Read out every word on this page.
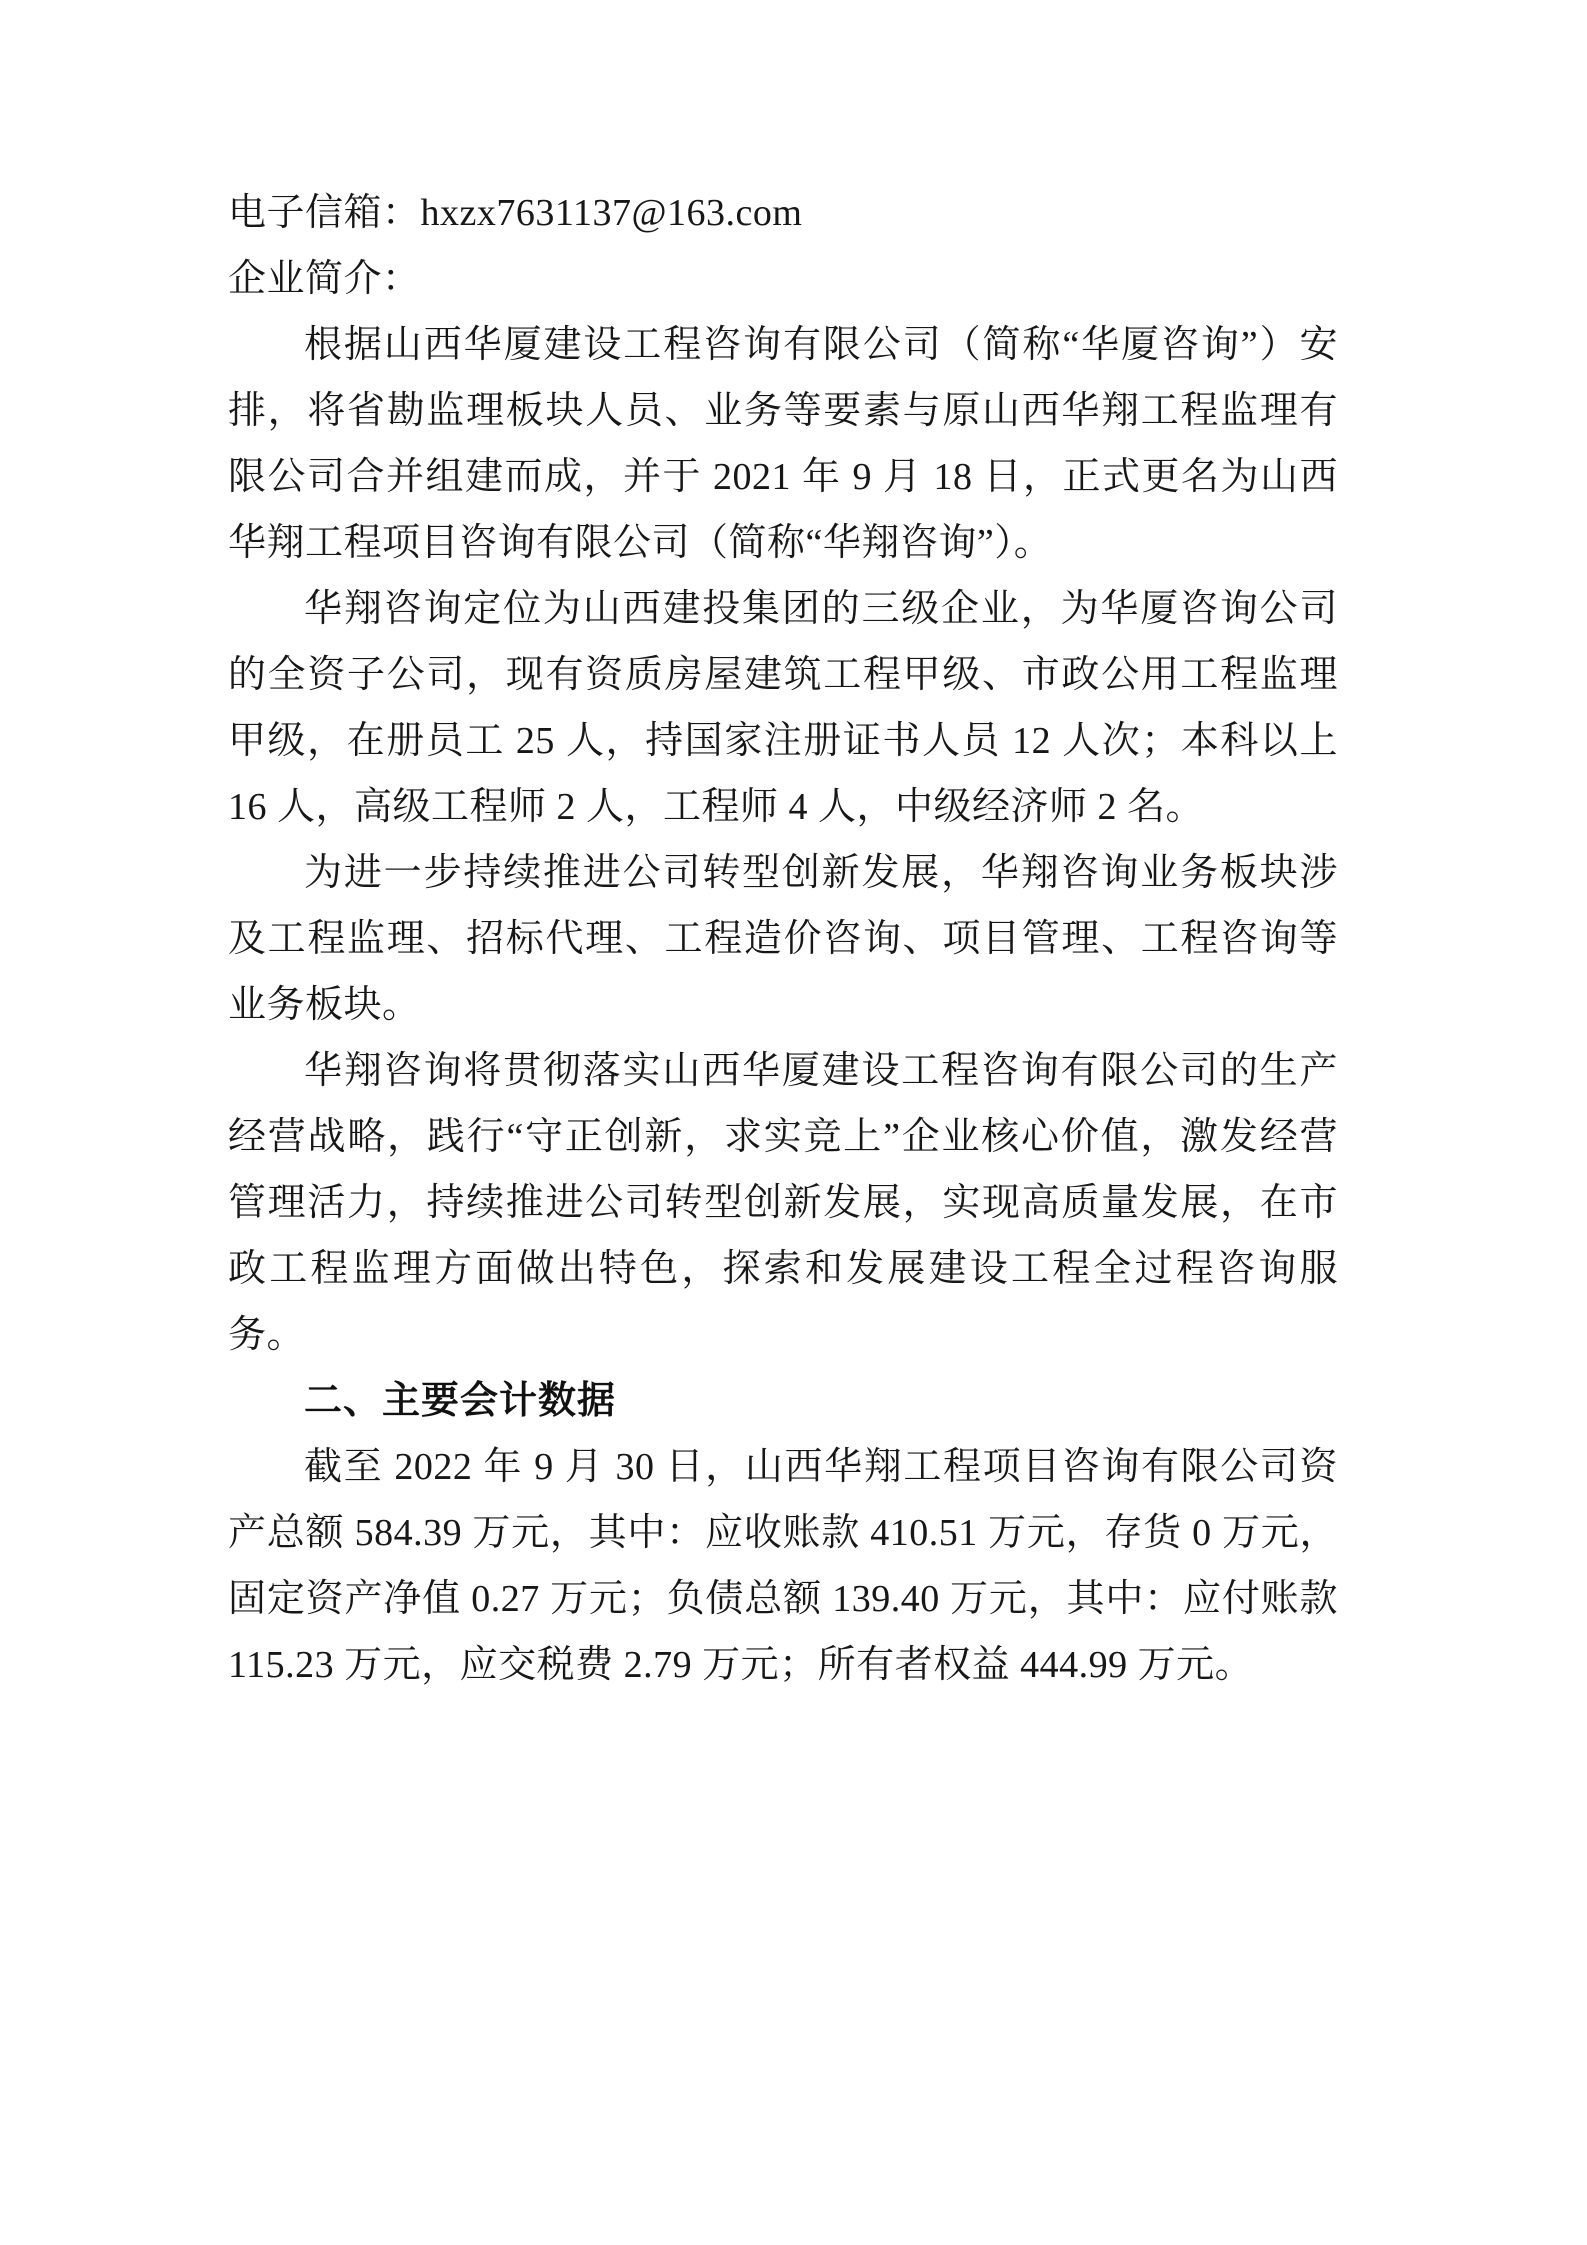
电子信箱：hxzx7631137@163.com

企业简介：

根据山西华厦建设工程咨询有限公司（简称“华厦咨询”）安排，将省勘监理板块人员、业务等要素与原山西华翔工程监理有限公司合并组建而成，并于 2021 年 9 月 18 日，正式更名为山西华翔工程项目咨询有限公司（简称“华翔咨询”）。

华翔咨询定位为山西建投集团的三级企业，为华厦咨询公司的全资子公司，现有资质房屋建筑工程甲级、市政公用工程监理甲级，在册员工 25 人，持国家注册证书人员 12 人次；本科以上 16 人，高级工程师 2 人，工程师 4 人，中级经济师 2 名。

为进一步持续推进公司转型创新发展，华翔咨询业务板块涉及工程监理、招标代理、工程造价咨询、项目管理、工程咨询等业务板块。

华翔咨询将贯彻落实山西华厦建设工程咨询有限公司的生产经营战略，践行“守正创新，求实竞上”企业核心价值，激发经营管理活力，持续推进公司转型创新发展，实现高质量发展，在市政工程监理方面做出特色，探索和发展建设工程全过程咨询服务。

二、主要会计数据

截至 2022 年 9 月 30 日，山西华翔工程项目咨询有限公司资产总额 584.39 万元，其中：应收账款 410.51 万元，存货 0 万元，固定资产净值 0.27 万元；负债总额 139.40 万元，其中：应付账款 115.23 万元，应交税费 2.79 万元；所有者权益 444.99 万元。
